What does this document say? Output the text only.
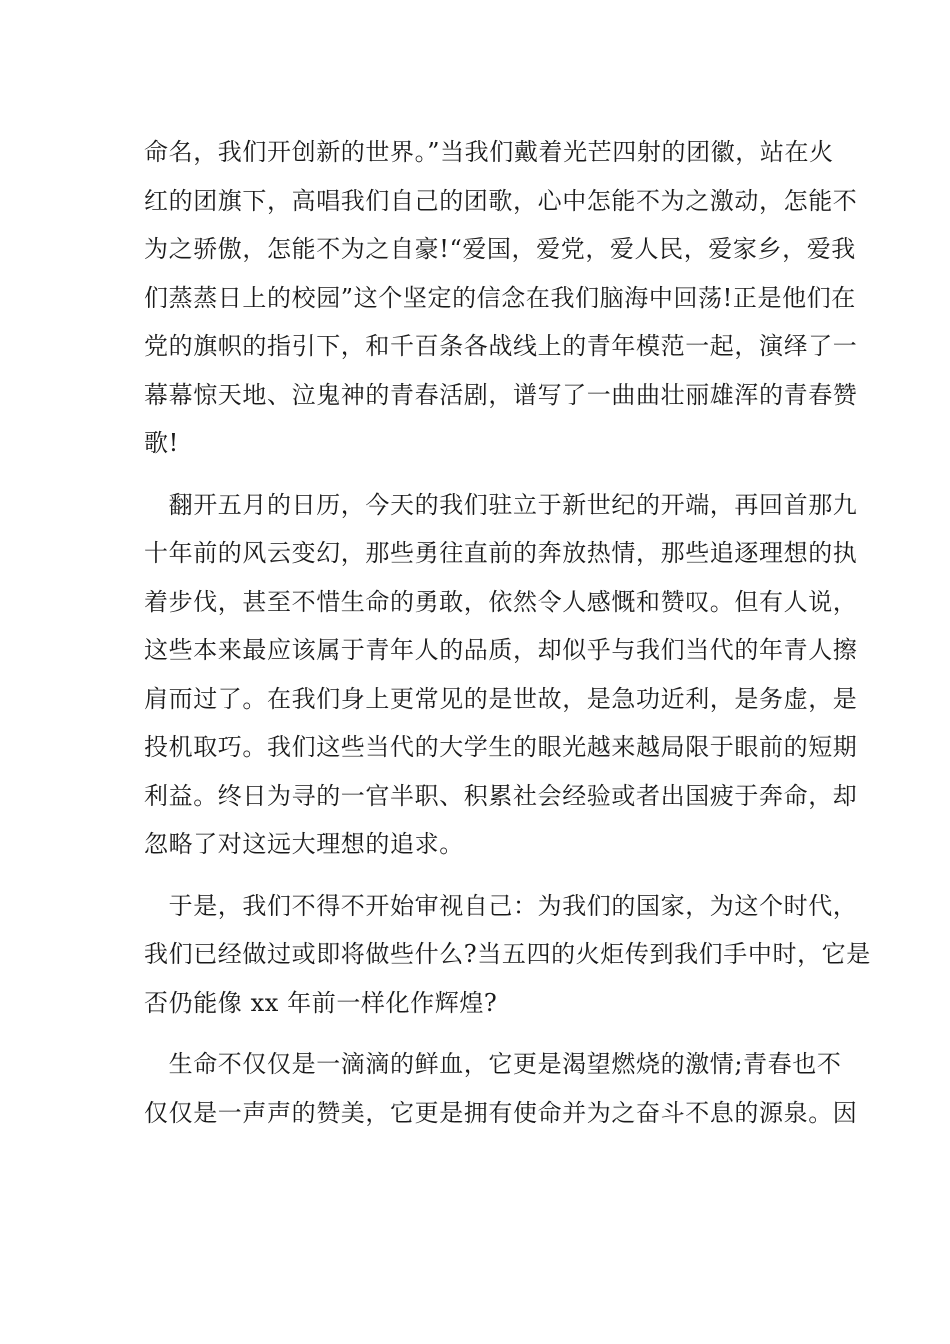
命名，我们开创新的世界。”当我们戴着光芒四射的团徽，站在火
红的团旗下，高唱我们自己的团歌，心中怎能不为之激动，怎能不
为之骄傲，怎能不为之自豪!“爱国，爱党，爱人民，爱家乡，爱我
们蒸蒸日上的校园”这个坚定的信念在我们脑海中回荡!正是他们在
党的旗帜的指引下，和千百条各战线上的青年模范一起，演绎了一
幕幕惊天地、泣鬼神的青春活剧，谱写了一曲曲壮丽雄浑的青春赞
歌!

　翻开五月的日历，今天的我们驻立于新世纪的开端，再回首那九
十年前的风云变幻，那些勇往直前的奔放热情，那些追逐理想的执
着步伐，甚至不惜生命的勇敢，依然令人感慨和赞叹。但有人说，
这些本来最应该属于青年人的品质，却似乎与我们当代的年青人擦
肩而过了。在我们身上更常见的是世故，是急功近利，是务虚，是
投机取巧。我们这些当代的大学生的眼光越来越局限于眼前的短期
利益。终日为寻的一官半职、积累社会经验或者出国疲于奔命，却
忽略了对这远大理想的追求。

　于是，我们不得不开始审视自己：为我们的国家，为这个时代，
我们已经做过或即将做些什么?当五四的火炬传到我们手中时，它是
否仍能像 xx 年前一样化作辉煌?

　生命不仅仅是一滴滴的鲜血，它更是渴望燃烧的激情;青春也不
仅仅是一声声的赞美，它更是拥有使命并为之奋斗不息的源泉。因
